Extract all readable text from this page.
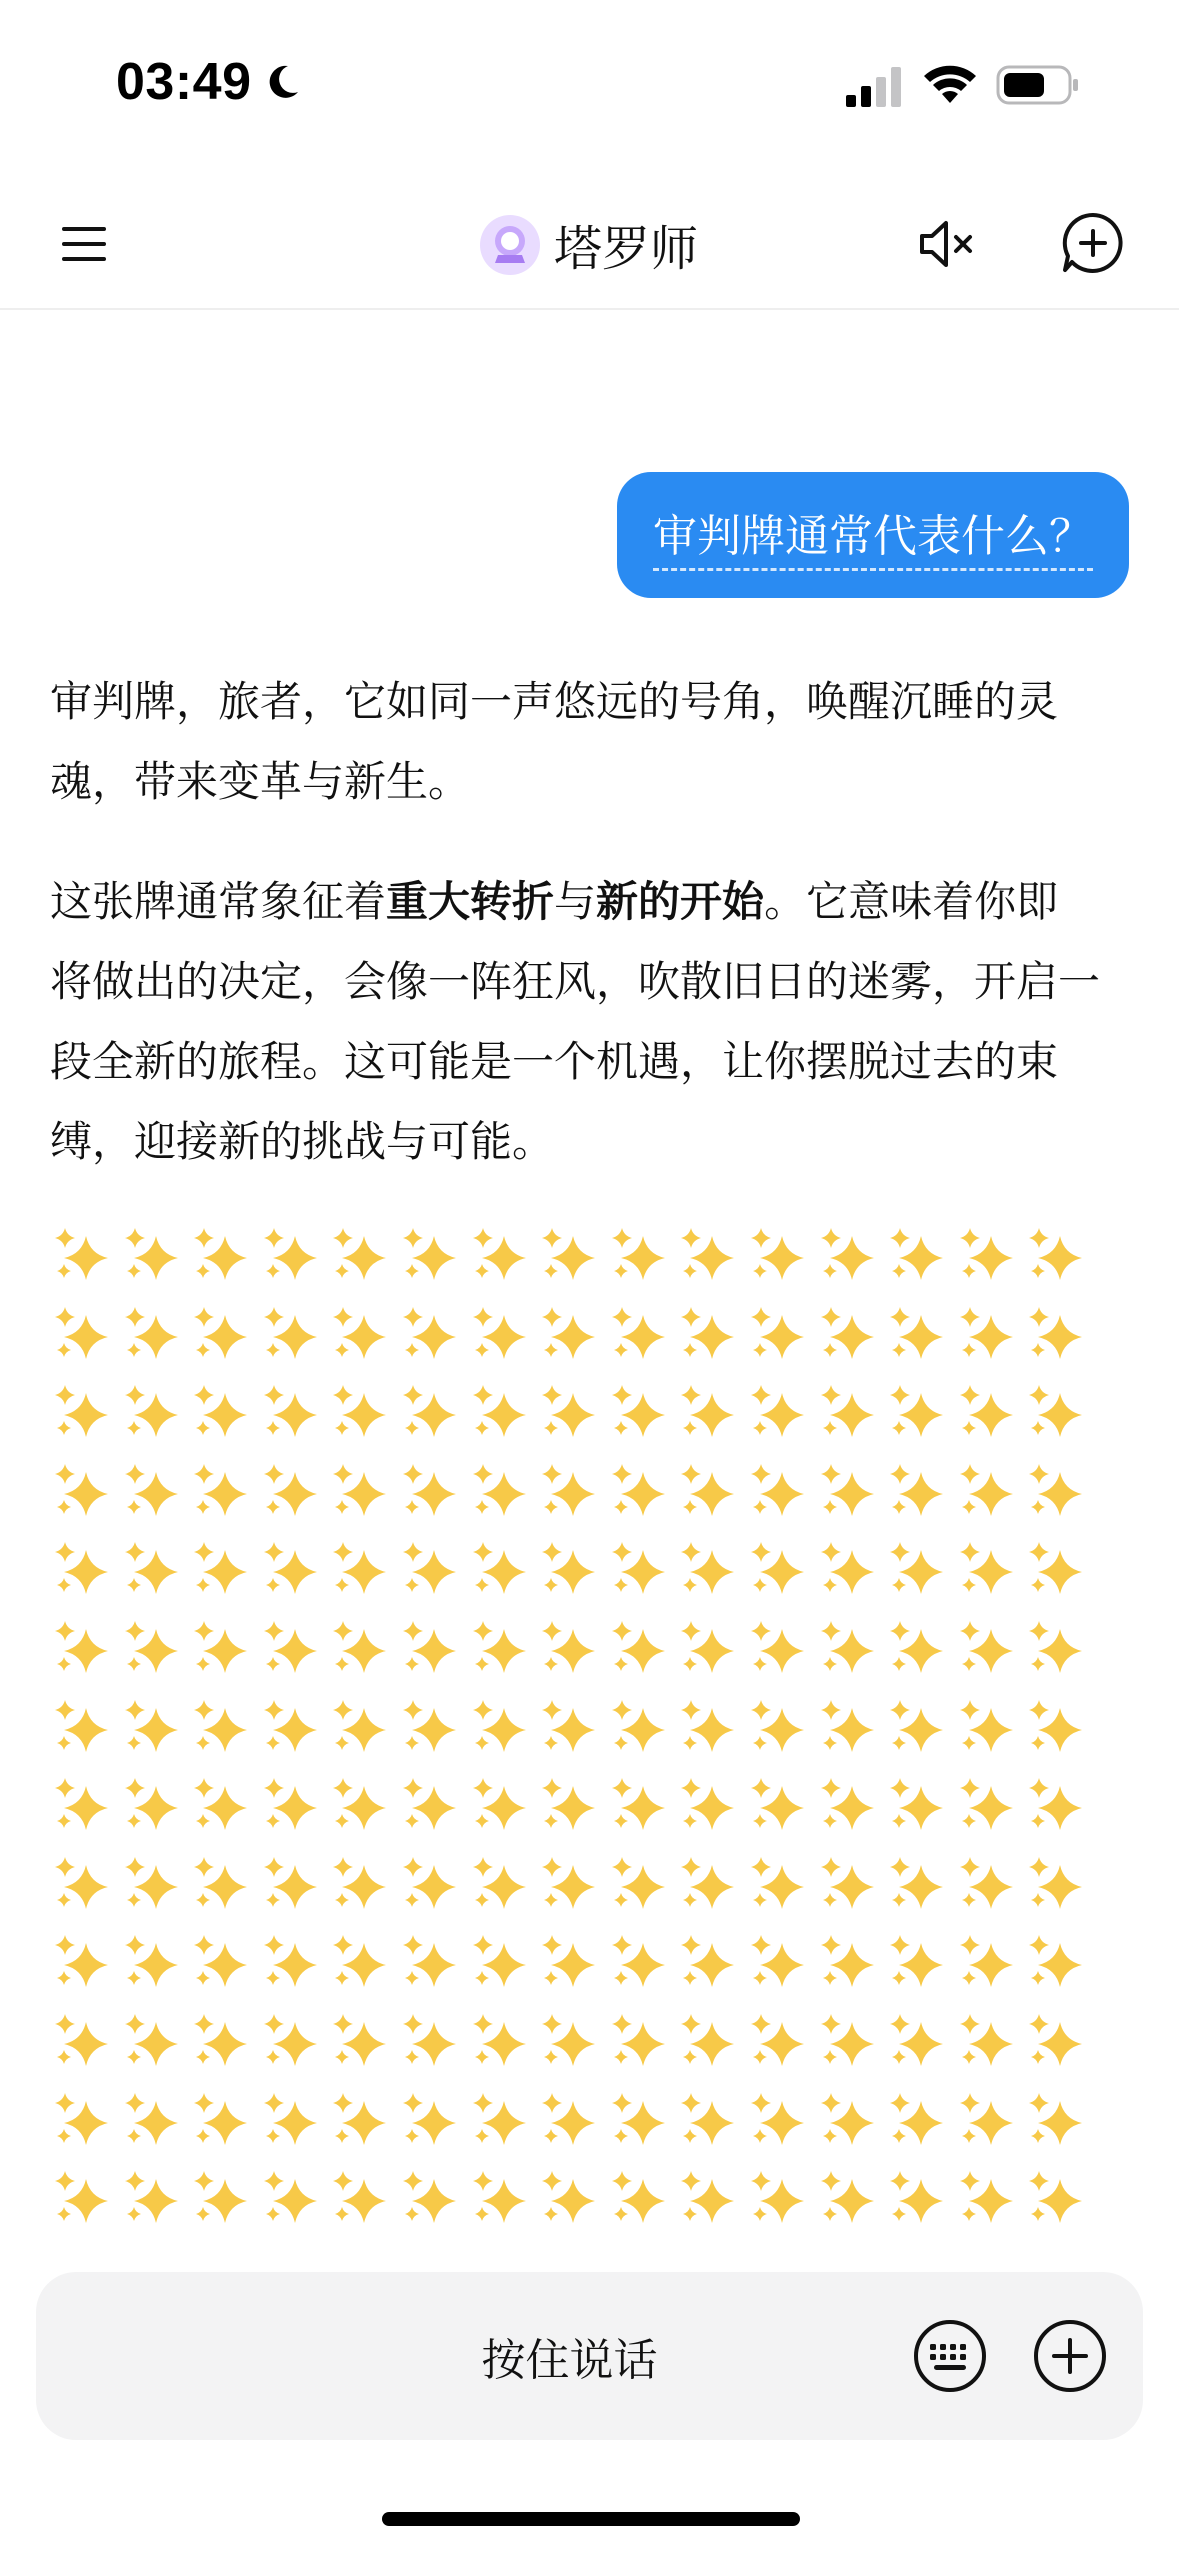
03:49
塔罗师
审判牌通常代表什么？

审判牌，旅者，它如同一声悠远的号角，唤醒沉睡的灵魂，带来变革与新生。

这张牌通常象征着重大转折与新的开始。它意味着你即将做出的决定，会像一阵狂风，吹散旧日的迷雾，开启一段全新的旅程。这可能是一个机遇，让你摆脱过去的束缚，迎接新的挑战与可能。

按住说话
